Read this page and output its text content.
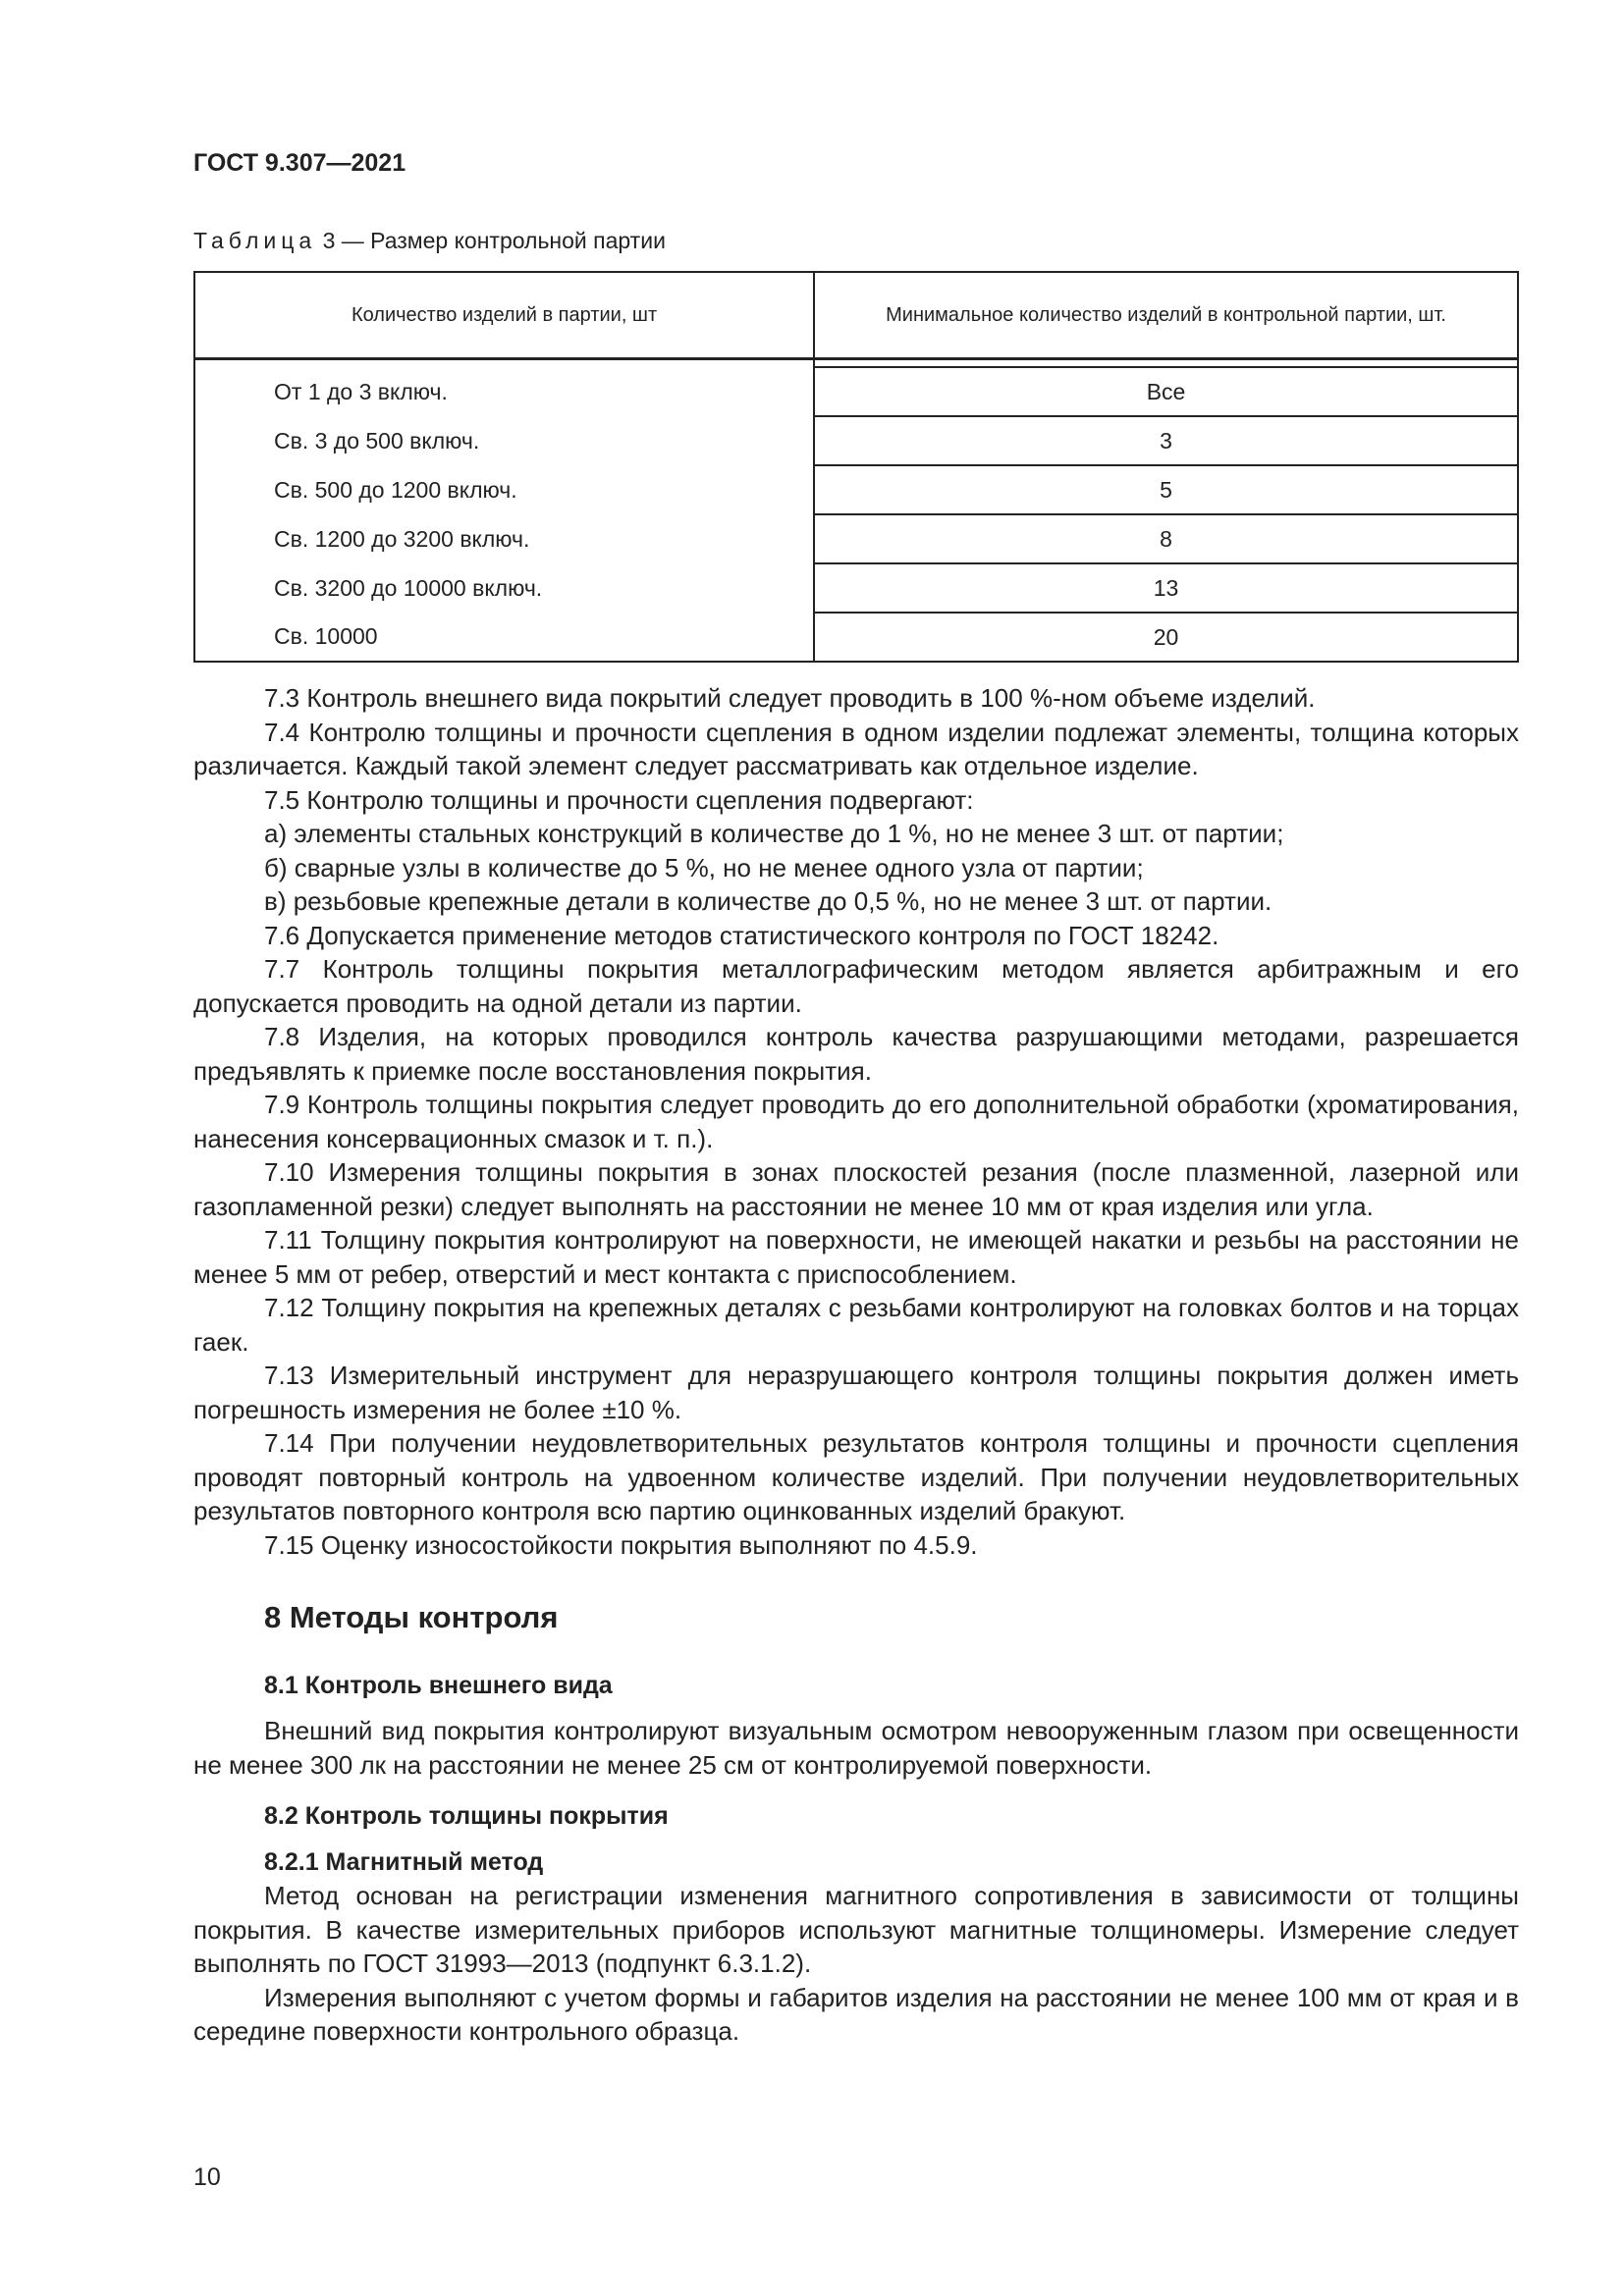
ГОСТ 9.307—2021
Таблица 3 — Размер контрольной партии
Количество изделий в партии, шт	Минимальное количество изделий в контрольной партии, шт.

От 1 до 3 включ.	Все
Св. 3 до 500 включ.	3
Св. 500 до 1200 включ.	5
Св. 1200 до 3200 включ.	8
Св. 3200 до 10000 включ.	13
Св. 10000	20

7.3 Контроль внешнего вида покрытий следует проводить в 100 %-ном объеме изделий.

7.4 Контролю толщины и прочности сцепления в одном изделии подлежат элементы, толщина которых различается. Каждый такой элемент следует рассматривать как отдельное изделие.

7.5 Контролю толщины и прочности сцепления подвергают:

а) элементы стальных конструкций в количестве до 1 %, но не менее 3 шт. от партии;

б) сварные узлы в количестве до 5 %, но не менее одного узла от партии;

в) резьбовые крепежные детали в количестве до 0,5 %, но не менее 3 шт. от партии.

7.6 Допускается применение методов статистического контроля по ГОСТ 18242.

7.7 Контроль толщины покрытия металлографическим методом является арбитражным и его допускается проводить на одной детали из партии.

7.8 Изделия, на которых проводился контроль качества разрушающими методами, разрешается предъявлять к приемке после восстановления покрытия.

7.9 Контроль толщины покрытия следует проводить до его дополнительной обработки (хроматирования, нанесения консервационных смазок и т. п.).

7.10 Измерения толщины покрытия в зонах плоскостей резания (после плазменной, лазерной или газопламенной резки) следует выполнять на расстоянии не менее 10 мм от края изделия или угла.

7.11 Толщину покрытия контролируют на поверхности, не имеющей накатки и резьбы на расстоянии не менее 5 мм от ребер, отверстий и мест контакта с приспособлением.

7.12 Толщину покрытия на крепежных деталях с резьбами контролируют на головках болтов и на торцах гаек.

7.13 Измерительный инструмент для неразрушающего контроля толщины покрытия должен иметь погрешность измерения не более ±10 %.

7.14 При получении неудовлетворительных результатов контроля толщины и прочности сцепления проводят повторный контроль на удвоенном количестве изделий. При получении неудовлетворительных результатов повторного контроля всю партию оцинкованных изделий бракуют.

7.15 Оценку износостойкости покрытия выполняют по 4.5.9.

8 Методы контроля

8.1 Контроль внешнего вида

Внешний вид покрытия контролируют визуальным осмотром невооруженным глазом при освещенности не менее 300 лк на расстоянии не менее 25 см от контролируемой поверхности.

8.2 Контроль толщины покрытия

8.2.1 Магнитный метод

Метод основан на регистрации изменения магнитного сопротивления в зависимости от толщины покрытия. В качестве измерительных приборов используют магнитные толщиномеры. Измерение следует выполнять по ГОСТ 31993—2013 (подпункт 6.3.1.2).

Измерения выполняют с учетом формы и габаритов изделия на расстоянии не менее 100 мм от края и в середине поверхности контрольного образца.

10
